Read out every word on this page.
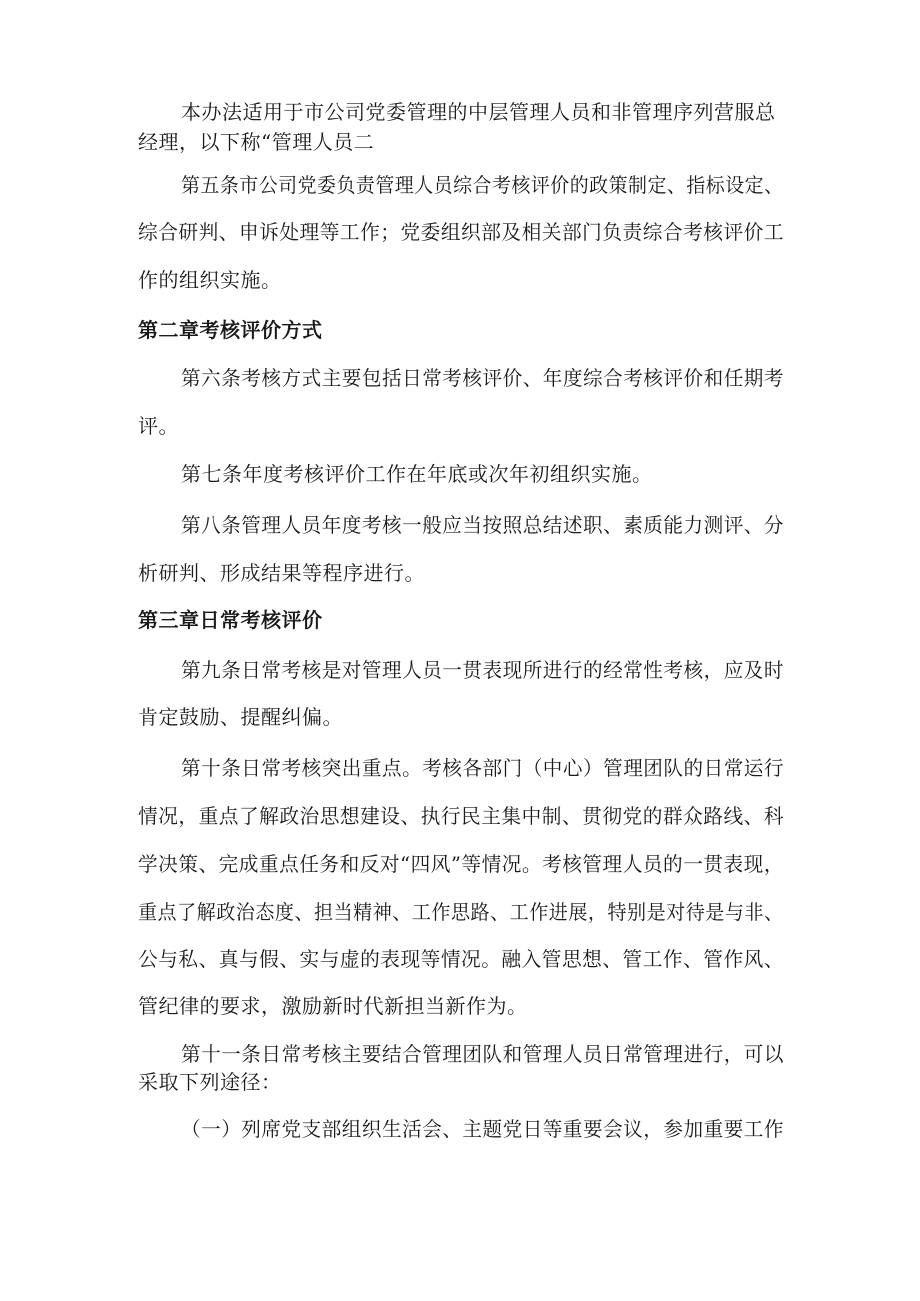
本办法适用于市公司党委管理的中层管理人员和非管理序列营服总
经理，以下称“管理人员二
第五条市公司党委负责管理人员综合考核评价的政策制定、指标设定、
综合研判、申诉处理等工作；党委组织部及相关部门负责综合考核评价工
作的组织实施。
第二章考核评价方式
第六条考核方式主要包括日常考核评价、年度综合考核评价和任期考
评。
第七条年度考核评价工作在年底或次年初组织实施。
第八条管理人员年度考核一般应当按照总结述职、素质能力测评、分
析研判、形成结果等程序进行。
第三章日常考核评价
第九条日常考核是对管理人员一贯表现所进行的经常性考核，应及时
肯定鼓励、提醒纠偏。
第十条日常考核突出重点。考核各部门（中心）管理团队的日常运行
情况，重点了解政治思想建设、执行民主集中制、贯彻党的群众路线、科
学决策、完成重点任务和反对“四风”等情况。考核管理人员的一贯表现，
重点了解政治态度、担当精神、工作思路、工作进展，特别是对待是与非、
公与私、真与假、实与虚的表现等情况。融入管思想、管工作、管作风、
管纪律的要求，激励新时代新担当新作为。
第十一条日常考核主要结合管理团队和管理人员日常管理进行，可以
采取下列途径：
（一）列席党支部组织生活会、主题党日等重要会议，参加重要工作
